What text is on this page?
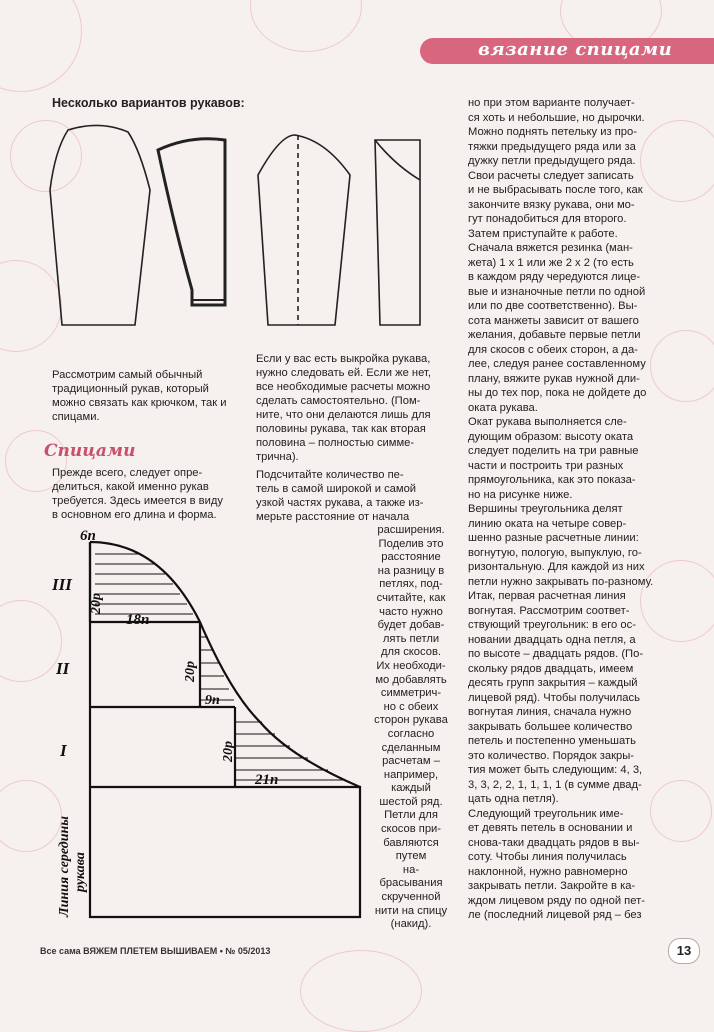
вязание спицами
Несколько вариантов рукавов:
Рассмотрим самый обычный
традиционный рукав, который
можно связать как крючком, так и
спицами.
Спицами
Прежде всего, следует опре-
делиться, какой именно рукав
требуется. Здесь имеется в виду
в основном его длина и форма.
Если у вас есть выкройка рукава,
нужно следовать ей. Если же нет,
все необходимые расчеты можно
сделать самостоятельно. (Пом-
ните, что они делаются лишь для
половины рукава, так как вторая
половина – полностью симме-
трична).
Подсчитайте количество пе-
тель в самой широкой и самой
узкой частях рукава, а также из-
мерьте расстояние от начала
расширения.
Поделив это
расстояние
на разницу в
петлях, под-
считайте, как
часто нужно
будет добав-
лять петли
для скосов.
Их необходи-
мо добавлять
симметрич-
но с обеих
сторон рукава
согласно
сделанным
расчетам –
например,
каждый
шестой ряд.
Петли для
скосов при-
бавляются
путем
на-
брасывания
скрученной
нити на спицу
(накид).
6п
20р
18п
20р
9п
20р
21п
III
II
I
Линия середины рукава
но при этом варианте получает-
ся хоть и небольшие, но дырочки.
Можно поднять петельку из про-
тяжки предыдущего ряда или за
дужку петли предыдущего ряда.
Свои расчеты следует записать
и не выбрасывать после того, как
закончите вязку рукава, они мо-
гут понадобиться для второго.
Затем приступайте к работе.
Сначала вяжется резинка (ман-
жета) 1 х 1 или же 2 х 2 (то есть
в каждом ряду чередуются лице-
вые и изнаночные петли по одной
или по две соответственно). Вы-
сота манжеты зависит от вашего
желания, добавьте первые петли
для скосов с обеих сторон, а да-
лее, следуя ранее составленному
плану, вяжите рукав нужной дли-
ны до тех пор, пока не дойдете до
оката рукава.
Окат рукава выполняется сле-
дующим образом: высоту оката
следует поделить на три равные
части и построить три разных
прямоугольника, как это показа-
но на рисунке ниже.
Вершины треугольника делят
линию оката на четыре совер-
шенно разные расчетные линии:
вогнутую, пологую, выпуклую, го-
ризонтальную. Для каждой из них
петли нужно закрывать по-разному.
Итак, первая расчетная линия
вогнутая. Рассмотрим соответ-
ствующий треугольник: в его ос-
новании двадцать одна петля, а
по высоте – двадцать рядов. (По-
скольку рядов двадцать, имеем
десять групп закрытия – каждый
лицевой ряд). Чтобы получилась
вогнутая линия, сначала нужно
закрывать большее количество
петель и постепенно уменьшать
это количество. Порядок закры-
тия может быть следующим: 4, 3,
3, 3, 2, 2, 1, 1, 1, 1 (в сумме двад-
цать одна петля).
Следующий треугольник име-
ет девять петель в основании и
снова-таки двадцать рядов в вы-
соту. Чтобы линия получилась
наклонной, нужно равномерно
закрывать петли. Закройте в ка-
ждом лицевом ряду по одной пет-
ле (последний лицевой ряд – без
Все сама ВЯЖЕМ ПЛЕТЕМ ВЫШИВАЕМ • № 05/2013	13
